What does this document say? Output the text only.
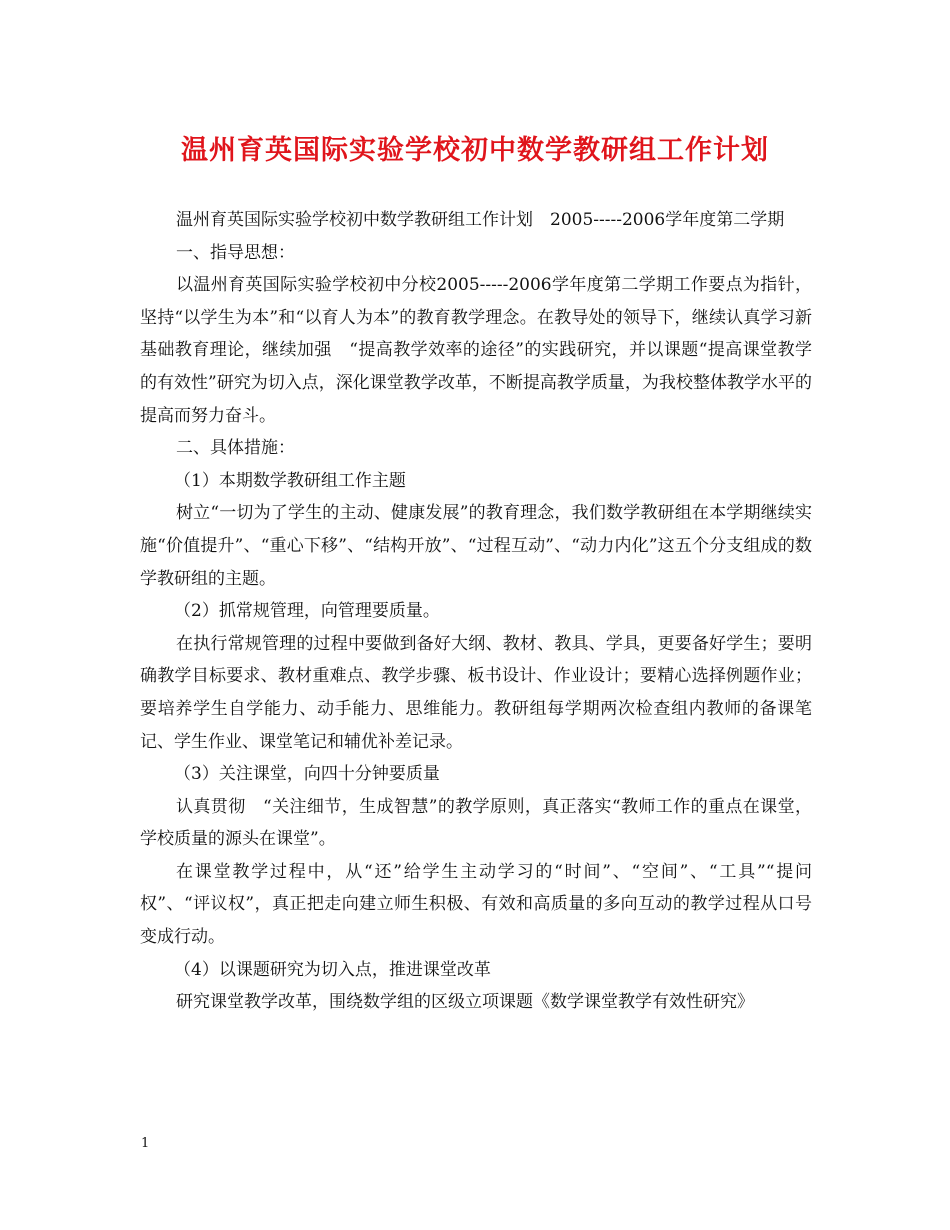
温州育英国际实验学校初中数学教研组工作计划

温州育英国际实验学校初中数学教研组工作计划　2005-----2006学年度第二学期

一、指导思想：

以温州育英国际实验学校初中分校2005-----2006学年度第二学期工作要点为指针，坚持“以学生为本”和“以育人为本”的教育教学理念。在教导处的领导下，继续认真学习新基础教育理论，继续加强　“提高教学效率的途径”的实践研究，并以课题“提高课堂教学的有效性”研究为切入点，深化课堂教学改革，不断提高教学质量，为我校整体教学水平的提高而努力奋斗。

二、具体措施：

（1）本期数学教研组工作主题

树立“一切为了学生的主动、健康发展”的教育理念，我们数学教研组在本学期继续实施“价值提升”、“重心下移”、“结构开放”、“过程互动”、“动力内化”这五个分支组成的数学教研组的主题。

（2）抓常规管理，向管理要质量。

在执行常规管理的过程中要做到备好大纲、教材、教具、学具，更要备好学生；要明确教学目标要求、教材重难点、教学步骤、板书设计、作业设计；要精心选择例题作业；要培养学生自学能力、动手能力、思维能力。教研组每学期两次检查组内教师的备课笔记、学生作业、课堂笔记和辅优补差记录。

（3）关注课堂，向四十分钟要质量

认真贯彻　“关注细节，生成智慧”的教学原则，真正落实“教师工作的重点在课堂，学校质量的源头在课堂”。

在课堂教学过程中，从“还”给学生主动学习的“时间”、“空间”、“工具”“提问权”、“评议权”，真正把走向建立师生积极、有效和高质量的多向互动的教学过程从口号变成行动。

（4）以课题研究为切入点，推进课堂改革

研究课堂教学改革，围绕数学组的区级立项课题《数学课堂教学有效性研究》

1
